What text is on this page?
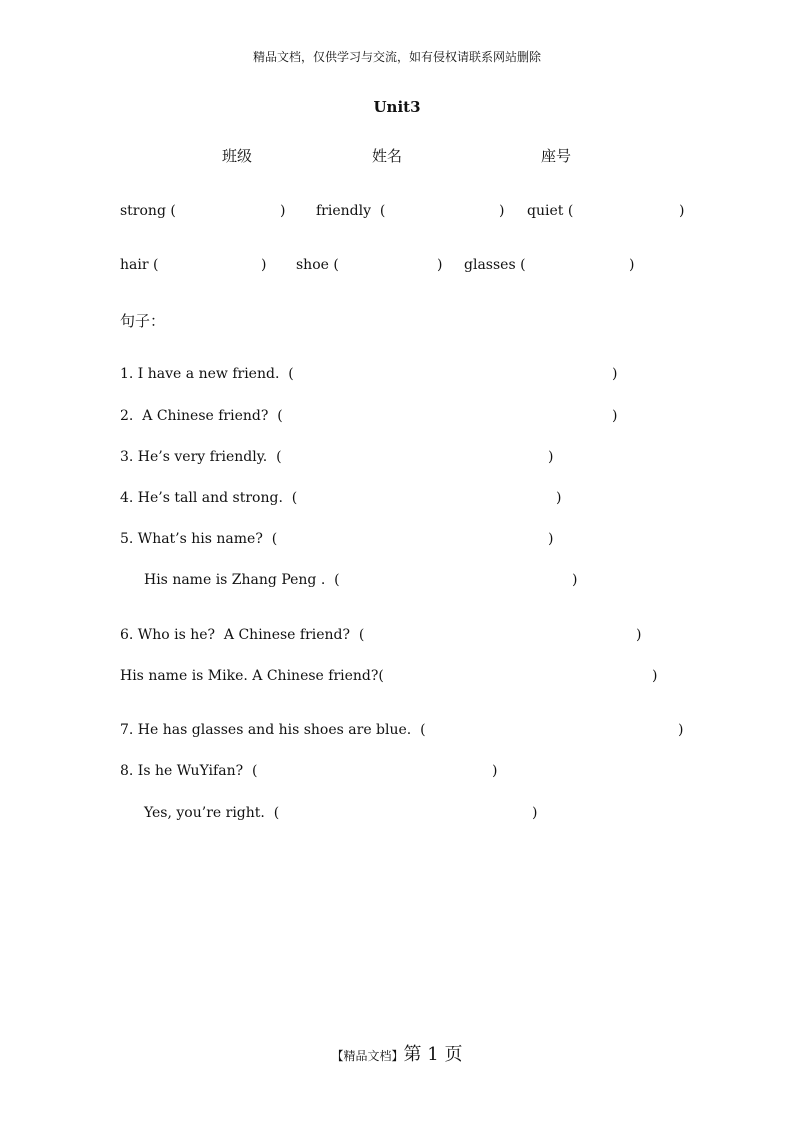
精品文档，仅供学习与交流，如有侵权请联系网站删除
Unit3
班级	姓名	座号
strong (	) friendly  (	) quiet (	)
hair (	) shoe (	) glasses (	)
句子：
1. I have a new friend.  (	)
2.  A Chinese friend?  (	)
3. He’s very friendly.  (	)
4. He’s tall and strong.  (	)
5. What’s his name?  (	)
His name is Zhang Peng .  (	)
6. Who is he?  A Chinese friend?  (	)
His name is Mike. A Chinese friend?(	)
7. He has glasses and his shoes are blue.  (	)
8. Is he WuYifan?  (	)
Yes, you’re right.  (	)
【精品文档】第 1 页
